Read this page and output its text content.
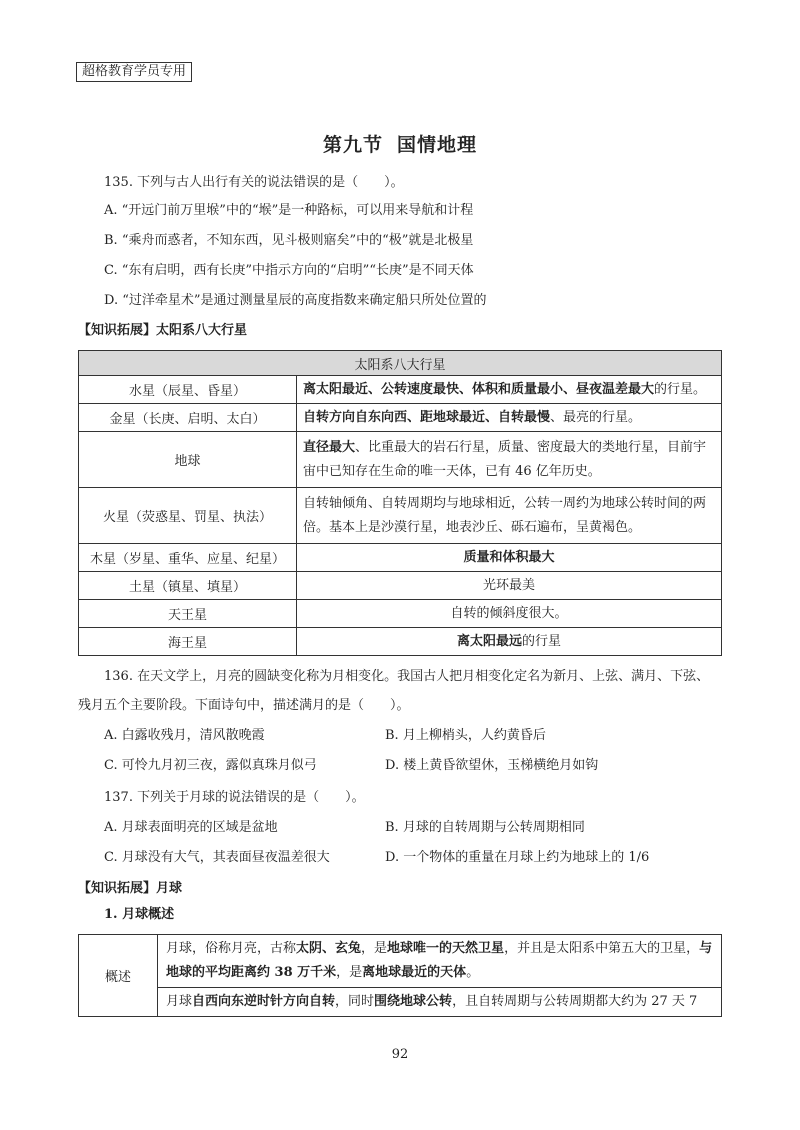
超格教育学员专用
第九节 国情地理
135. 下列与古人出行有关的说法错误的是（　　）。
A. “开远门前万里堠”中的“堠”是一种路标，可以用来导航和计程
B. “乘舟而惑者，不知东西，见斗极则寤矣”中的“极”就是北极星
C. “东有启明，西有长庚”中指示方向的“启明”“长庚”是不同天体
D. “过洋牵星术”是通过测量星辰的高度指数来确定船只所处位置的
【知识拓展】太阳系八大行星
太阳系八大行星	
水星（辰星、昏星）	离太阳最近、公转速度最快、体积和质量最小、昼夜温差最大的行星。
金星（长庚、启明、太白）	自转方向自东向西、距地球最近、自转最慢、最亮的行星。
地球	直径最大、比重最大的岩石行星，质量、密度最大的类地行星，目前宇宙中已知存在生命的唯一天体，已有 46 亿年历史。
火星（荧惑星、罚星、执法）	自转轴倾角、自转周期均与地球相近，公转一周约为地球公转时间的两倍。基本上是沙漠行星，地表沙丘、砾石遍布，呈黄褐色。
木星（岁星、重华、应星、纪星）	质量和体积最大
土星（镇星、填星）	光环最美
天王星	自转的倾斜度很大。
海王星	离太阳最远的行星
136. 在天文学上，月亮的圆缺变化称为月相变化。我国古人把月相变化定名为新月、上弦、满月、下弦、
残月五个主要阶段。下面诗句中，描述满月的是（　　）。
A. 白露收残月，清风散晚霞	B. 月上柳梢头，人约黄昏后
C. 可怜九月初三夜，露似真珠月似弓	D. 楼上黄昏欲望休，玉梯横绝月如钩
137. 下列关于月球的说法错误的是（　　）。
A. 月球表面明亮的区域是盆地	B. 月球的自转周期与公转周期相同
C. 月球没有大气，其表面昼夜温差很大	D. 一个物体的重量在月球上约为地球上的 1/6
【知识拓展】月球
1. 月球概述
概述	月球，俗称月亮，古称太阴、玄兔，是地球唯一的天然卫星，并且是太阳系中第五大的卫星，与地球的平均距离约 38 万千米，是离地球最近的天体。
月球自西向东逆时针方向自转，同时围绕地球公转，且自转周期与公转周期都大约为 27 天 7
92
